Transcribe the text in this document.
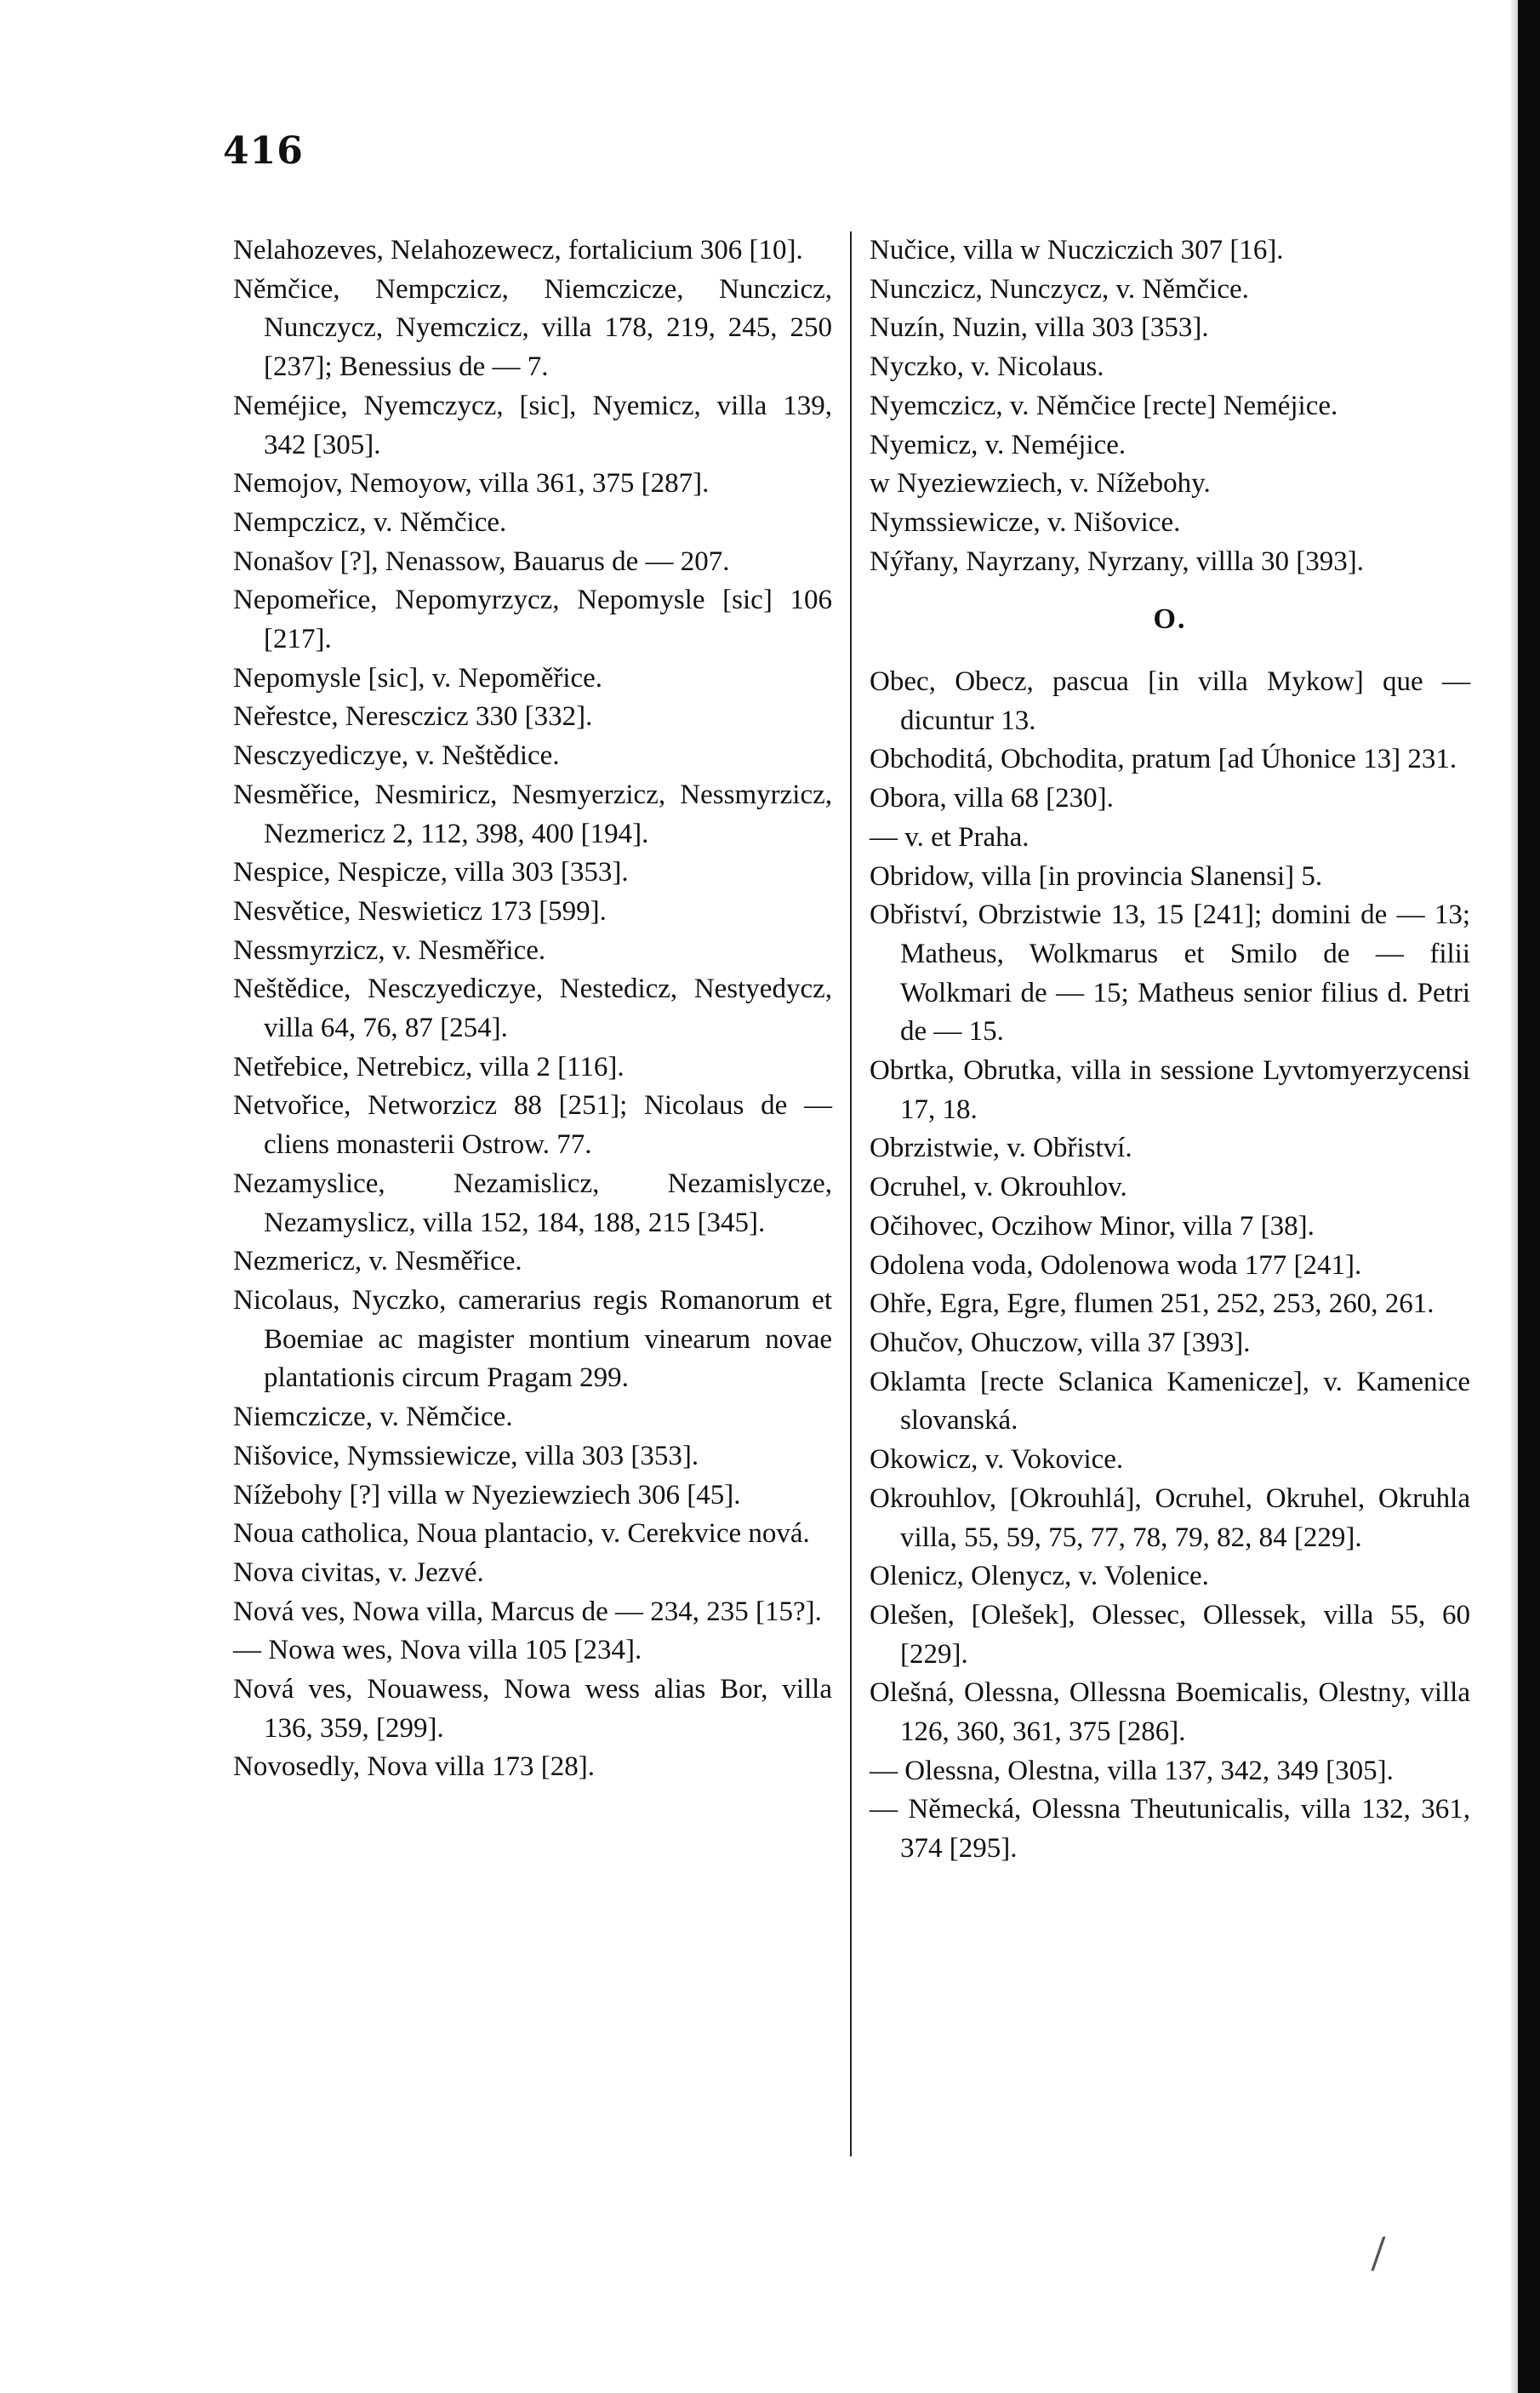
416

Nelahozeves, Nelahozewecz, fortalicium 306 [10].

Němčice, Nempczicz, Niemczicze, Nunczicz, Nunczycz, Nyemczicz, villa 178, 219, 245, 250 [237]; Benessius de — 7.

Neméjice, Nyemczycz, [sic], Nyemicz, villa 139, 342 [305].

Nemojov, Nemoyow, villa 361, 375 [287].

Nempczicz, v. Němčice.

Nonašov [?], Nenassow, Bauarus de — 207.

Nepomeřice, Nepomyrzycz, Nepomysle [sic] 106 [217].

Nepomysle [sic], v. Nepoměřice.

Neřestce, Neresczicz 330 [332].

Nesczyediczye, v. Neštědice.

Nesměřice, Nesmiricz, Nesmyerzicz, Nessmyrzicz, Nezmericz 2, 112, 398, 400 [194].

Nespice, Nespicze, villa 303 [353].

Nesvětice, Neswieticz 173 [599].

Nessmyrzicz, v. Nesměřice.

Neštědice, Nesczyediczye, Nestedicz, Nestyedycz, villa 64, 76, 87 [254].

Netřebice, Netrebicz, villa 2 [116].

Netvořice, Networzicz 88 [251]; Nicolaus de — cliens monasterii Ostrow. 77.

Nezamyslice, Nezamislicz, Nezamislycze, Nezamyslicz, villa 152, 184, 188, 215 [345].

Nezmericz, v. Nesměřice.

Nicolaus, Nyczko, camerarius regis Romanorum et Boemiae ac magister montium vinearum novae plantationis circum Pragam 299.

Niemczicze, v. Němčice.

Nišovice, Nymssiewicze, villa 303 [353].

Nížebohy [?] villa w Nyeziewziech 306 [45].

Noua catholica, Noua plantacio, v. Cerekvice nová.

Nova civitas, v. Jezvé.

Nová ves, Nowa villa, Marcus de — 234, 235 [15?].

— Nowa wes, Nova villa 105 [234].

Nová ves, Nouawess, Nowa wess alias Bor, villa 136, 359, [299].

Novosedly, Nova villa 173 [28].

Nučice, villa w Nucziczich 307 [16].

Nunczicz, Nunczycz, v. Němčice.

Nuzín, Nuzin, villa 303 [353].

Nyczko, v. Nicolaus.

Nyemczicz, v. Němčice [recte] Neméjice.

Nyemicz, v. Neméjice.

w Nyeziewziech, v. Nížebohy.

Nymssiewicze, v. Nišovice.

Nýřany, Nayrzany, Nyrzany, villla 30 [393].

O.

Obec, Obecz, pascua [in villa Mykow] que — dicuntur 13.

Obchoditá, Obchodita, pratum [ad Úhonice 13] 231.

Obora, villa 68 [230].

— v. et Praha.

Obridow, villa [in provincia Slanensi] 5.

Obřiství, Obrzistwie 13, 15 [241]; domini de — 13; Matheus, Wolkmarus et Smilo de — filii Wolkmari de — 15; Matheus senior filius d. Petri de — 15.

Obrtka, Obrutka, villa in sessione Lyvtomyerzycensi 17, 18.

Obrzistwie, v. Obřiství.

Ocruhel, v. Okrouhlov.

Očihovec, Oczihow Minor, villa 7 [38].

Odolena voda, Odolenowa woda 177 [241].

Ohře, Egra, Egre, flumen 251, 252, 253, 260, 261.

Ohučov, Ohuczow, villa 37 [393].

Oklamta [recte Sclanica Kamenicze], v. Kamenice slovanská.

Okowicz, v. Vokovice.

Okrouhlov, [Okrouhlá], Ocruhel, Okruhel, Okruhla villa, 55, 59, 75, 77, 78, 79, 82, 84 [229].

Olenicz, Olenycz, v. Volenice.

Olešen, [Olešek], Olessec, Ollessek, villa 55, 60 [229].

Olešná, Olessna, Ollessna Boemicalis, Olestny, villa 126, 360, 361, 375 [286].

— Olessna, Olestna, villa 137, 342, 349 [305].

— Německá, Olessna Theutunicalis, villa 132, 361, 374 [295].

/
